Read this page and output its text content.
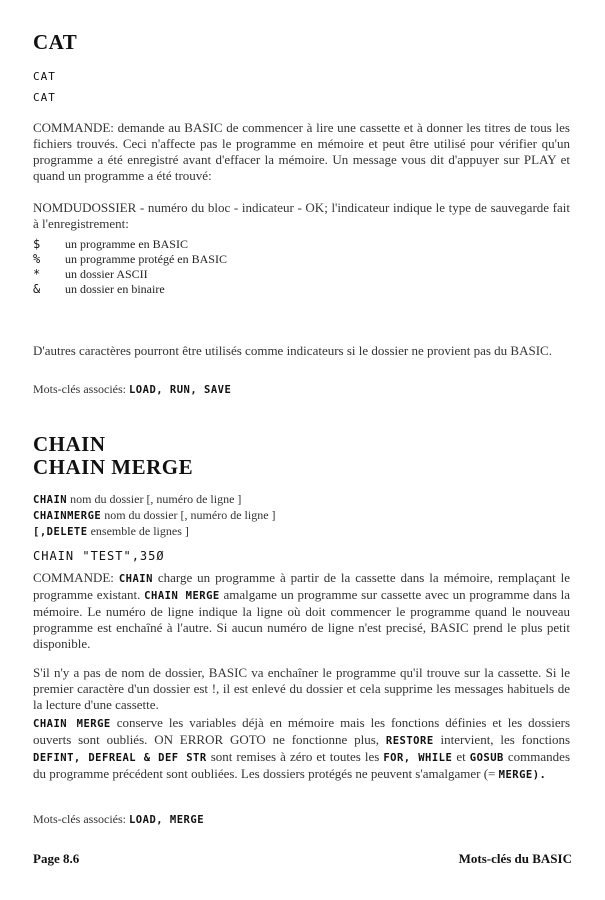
CAT
CAT
CAT
COMMANDE: demande au BASIC de commencer à lire une cassette et à donner les titres de tous les fichiers trouvés. Ceci n'affecte pas le programme en mémoire et peut être utilisé pour vérifier qu'un programme a été enregistré avant d'effacer la mémoire. Un message vous dit d'appuyer sur PLAY et quand un programme a été trouvé:
NOMDUDOSSIER - numéro du bloc - indicateur - OK; l'indicateur indique le type de sauvegarde fait à l'enregistrement:
$	un programme en BASIC
%	un programme protégé en BASIC
*	un dossier ASCII
&	un dossier en binaire
D'autres caractères pourront être utilisés comme indicateurs si le dossier ne provient pas du BASIC.
Mots-clés associés: LOAD, RUN, SAVE
CHAIN
CHAIN MERGE
CHAIN nom du dossier [, numéro de ligne ]
CHAINMERGE nom du dossier [, numéro de ligne ]
[,DELETE ensemble de lignes ]
CHAIN "TEST",35Ø
COMMANDE: CHAIN charge un programme à partir de la cassette dans la mémoire, remplaçant le programme existant. CHAIN MERGE amalgame un programme sur cassette avec un programme dans la mémoire. Le numéro de ligne indique la ligne où doit commencer le programme quand le nouveau programme est enchaîné à l'autre. Si aucun numéro de ligne n'est precisé, BASIC prend le plus petit disponible.
S'il n'y a pas de nom de dossier, BASIC va enchaîner le programme qu'il trouve sur la cassette. Si le premier caractère d'un dossier est !, il est enlevé du dossier et cela supprime les messages habituels de la lecture d'une cassette.
CHAIN MERGE conserve les variables déjà en mémoire mais les fonctions définies et les dossiers ouverts sont oubliés. ON ERROR GOTO ne fonctionne plus, RESTORE intervient, les fonctions DEFINT, DEFREAL & DEF STR sont remises à zéro et toutes les FOR, WHILE et GOSUB commandes du programme précédent sont oubliées. Les dossiers protégés ne peuvent s'amalgamer (= MERGE).
Mots-clés associés: LOAD, MERGE
Page 8.6	Mots-clés du BASIC
